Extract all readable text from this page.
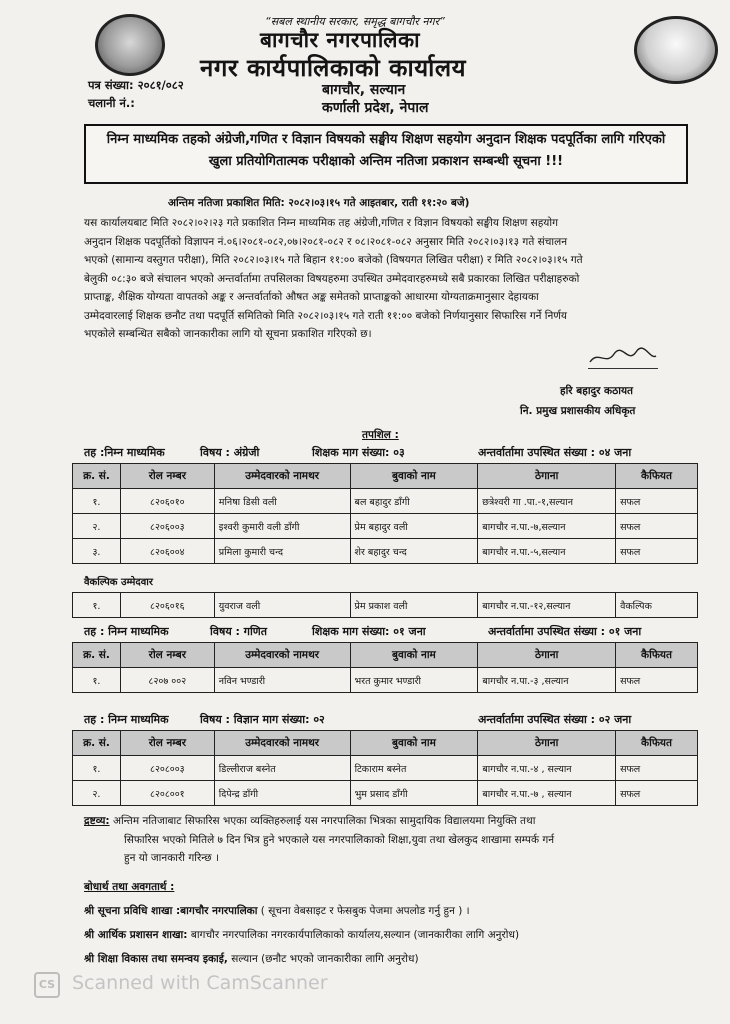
“सबल स्थानीय सरकार, समृद्ध बागचौर नगर”
बागचौर नगरपालिका
नगर कार्यपालिकाको कार्यालय
बागचौर, सल्यान
कर्णाली प्रदेश, नेपाल
पत्र संख्या: २०८१/०८२
चलानी नं.:
निम्न माध्यमिक तहको अंग्रेजी,गणित र विज्ञान विषयको सङ्घीय शिक्षण सहयोग अनुदान शिक्षक पदपूर्तिका लागि गरिएको खुला प्रतियोगितात्मक परीक्षाको अन्तिम नतिजा प्रकाशन सम्बन्धी सूचना !!!
अन्तिम नतिजा प्रकाशित मिति: २०८२।०३।१५ गते आइतबार, राती ११:२० बजे)
यस कार्यालयबाट मिति २०८२।०२।२३ गते प्रकाशित निम्न माध्यमिक तह अंग्रेजी,गणित र विज्ञान विषयको सङ्घीय शिक्षण सहयोग
अनुदान शिक्षक पदपूर्तिको विज्ञापन नं.०६।२०८१-०८२,०७।२०८१-०८२ र ०८।२०८१-०८२ अनुसार मिति २०८२।०३।१३ गते संचालन
भएको (सामान्य वस्तुगत परीक्षा), मिति २०८२।०३।१५ गते बिहान ११:०० बजेको (विषयगत लिखित परीक्षा) र मिति २०८२।०३।१५ गते
बेलुकी ०८:३० बजे संचालन भएको अन्तर्वार्तामा तपसिलका विषयहरुमा उपस्थित उम्मेदवारहरुमध्ये सबै प्रकारका लिखित परीक्षाहरुको
प्राप्ताङ्क, शैक्षिक योग्यता वापतको अङ्क र अन्तर्वार्ताको औषत अङ्क समेतको प्राप्ताङ्कको आधारमा योग्यताक्रमानुसार देहायका
उम्मेदवारलाई शिक्षक छनौट तथा पदपूर्ति समितिको मिति २०८२।०३।१५ गते राती ११:०० बजेको निर्णयानुसार सिफारिस गर्ने निर्णय
भएकोले सम्बन्धित सबैको जानकारीका लागि यो सूचना प्रकाशित गरिएको छ।
हरि बहादुर कठायत
नि. प्रमुख प्रशासकीय अधिकृत
तपशिल :
तह :निम्न माध्यमिक	विषय : अंग्रेजी	शिक्षक माग संख्या: ०३	अन्तर्वार्तामा उपस्थित संख्या : ०४ जना
क्र. सं.	रोल नम्बर	उम्मेदवारको नामथर	बुवाको नाम	ठेगाना	कैफियत
१.	८२०६०१०	मनिषा डिसी वली	बल बहादुर डाँगी	छत्रेश्वरी गा .पा.-१,सल्यान	सफल
२.	८२०६००३	इश्वरी कुमारी वली डाँगी	प्रेम बहादुर वली	बागचौर न.पा.-७,सल्यान	सफल
३.	८२०६००४	प्रमिला कुमारी चन्द	शेर बहादुर चन्द	बागचौर न.पा.-५,सल्यान	सफल
वैकल्पिक उम्मेदवार
१.	८२०६०१६	युवराज वली	प्रेम प्रकाश वली	बागचौर न.पा.-१२,सल्यान	वैकल्पिक
तह : निम्न माध्यमिक	विषय : गणित	शिक्षक माग संख्या: ०१ जना	अन्तर्वार्तामा उपस्थित संख्या : ०१ जना
क्र. सं.	रोल नम्बर	उम्मेदवारको नामथर	बुवाको नाम	ठेगाना	कैफियत
१.	८२०७ ००२	नविन भण्डारी	भरत कुमार भण्डारी	बागचौर न.पा.-३ ,सल्यान	सफल
तह : निम्न माध्यमिक	विषय : विज्ञान माग संख्या: ०२	अन्तर्वार्तामा उपस्थित संख्या : ०२ जना
क्र. सं.	रोल नम्बर	उम्मेदवारको नामथर	बुवाको नाम	ठेगाना	कैफियत
१.	८२०८००३	डिल्लीराज बस्नेत	टिकाराम बस्नेत	बागचौर न.पा.-४ , सल्यान	सफल
२.	८२०८००१	दिपेन्द्र डाँगी	भुम प्रसाद डाँगी	बागचौर न.पा.-७ , सल्यान	सफल
द्रष्टव्य: अन्तिम नतिजाबाट सिफारिस भएका व्यक्तिहरुलाई यस नगरपालिका भित्रका सामुदायिक विद्यालयमा नियुक्ति तथा
सिफारिस भएको मितिले ७ दिन भित्र हुने भएकाले यस नगरपालिकाको शिक्षा,युवा तथा खेलकुद शाखामा सम्पर्क गर्न
हुन यो जानकारी गरिन्छ ।
बोधार्थ तथा अवगतार्थ :
श्री सूचना प्रविधि शाखा :बागचौर नगरपालिका ( सूचना वेबसाइट र फेसबुक पेजमा अपलोड गर्नु हुन ) ।
श्री आर्थिक प्रशासन शाखा: बागचौर नगरपालिका नगरकार्यपालिकाको कार्यालय,सल्यान (जानकारीका लागि अनुरोध)
श्री शिक्षा विकास तथा समन्वय इकाई, सल्यान (छनौट भएको जानकारीका लागि अनुरोध)
CS Scanned with CamScanner
